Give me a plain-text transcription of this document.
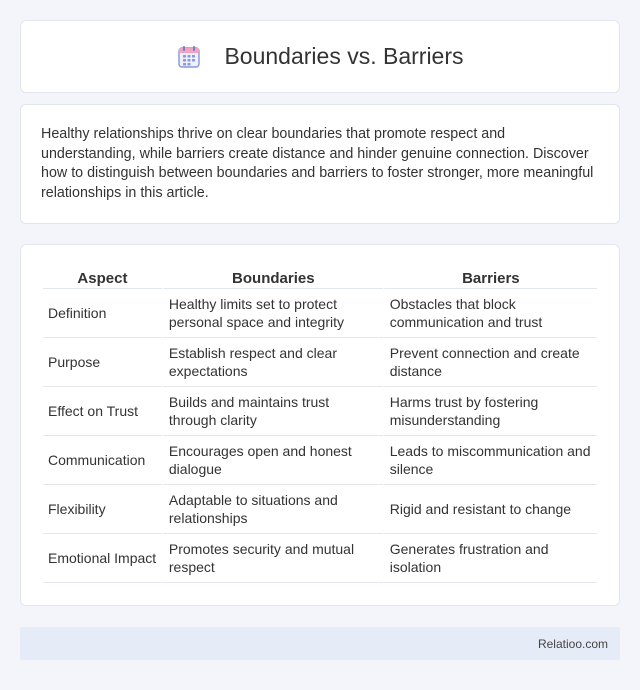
Boundaries vs. Barriers

Healthy relationships thrive on clear boundaries that promote respect and understanding, while barriers create distance and hinder genuine connection. Discover how to distinguish between boundaries and barriers to foster stronger, more meaningful relationships in this article.

Aspect	Boundaries	Barriers
Definition	Healthy limits set to protect personal space and integrity	Obstacles that block communication and trust
Purpose	Establish respect and clear expectations	Prevent connection and create distance
Effect on Trust	Builds and maintains trust through clarity	Harms trust by fostering misunderstanding
Communication	Encourages open and honest dialogue	Leads to miscommunication and silence
Flexibility	Adaptable to situations and relationships	Rigid and resistant to change
Emotional Impact	Promotes security and mutual respect	Generates frustration and isolation
Relatioo.com
